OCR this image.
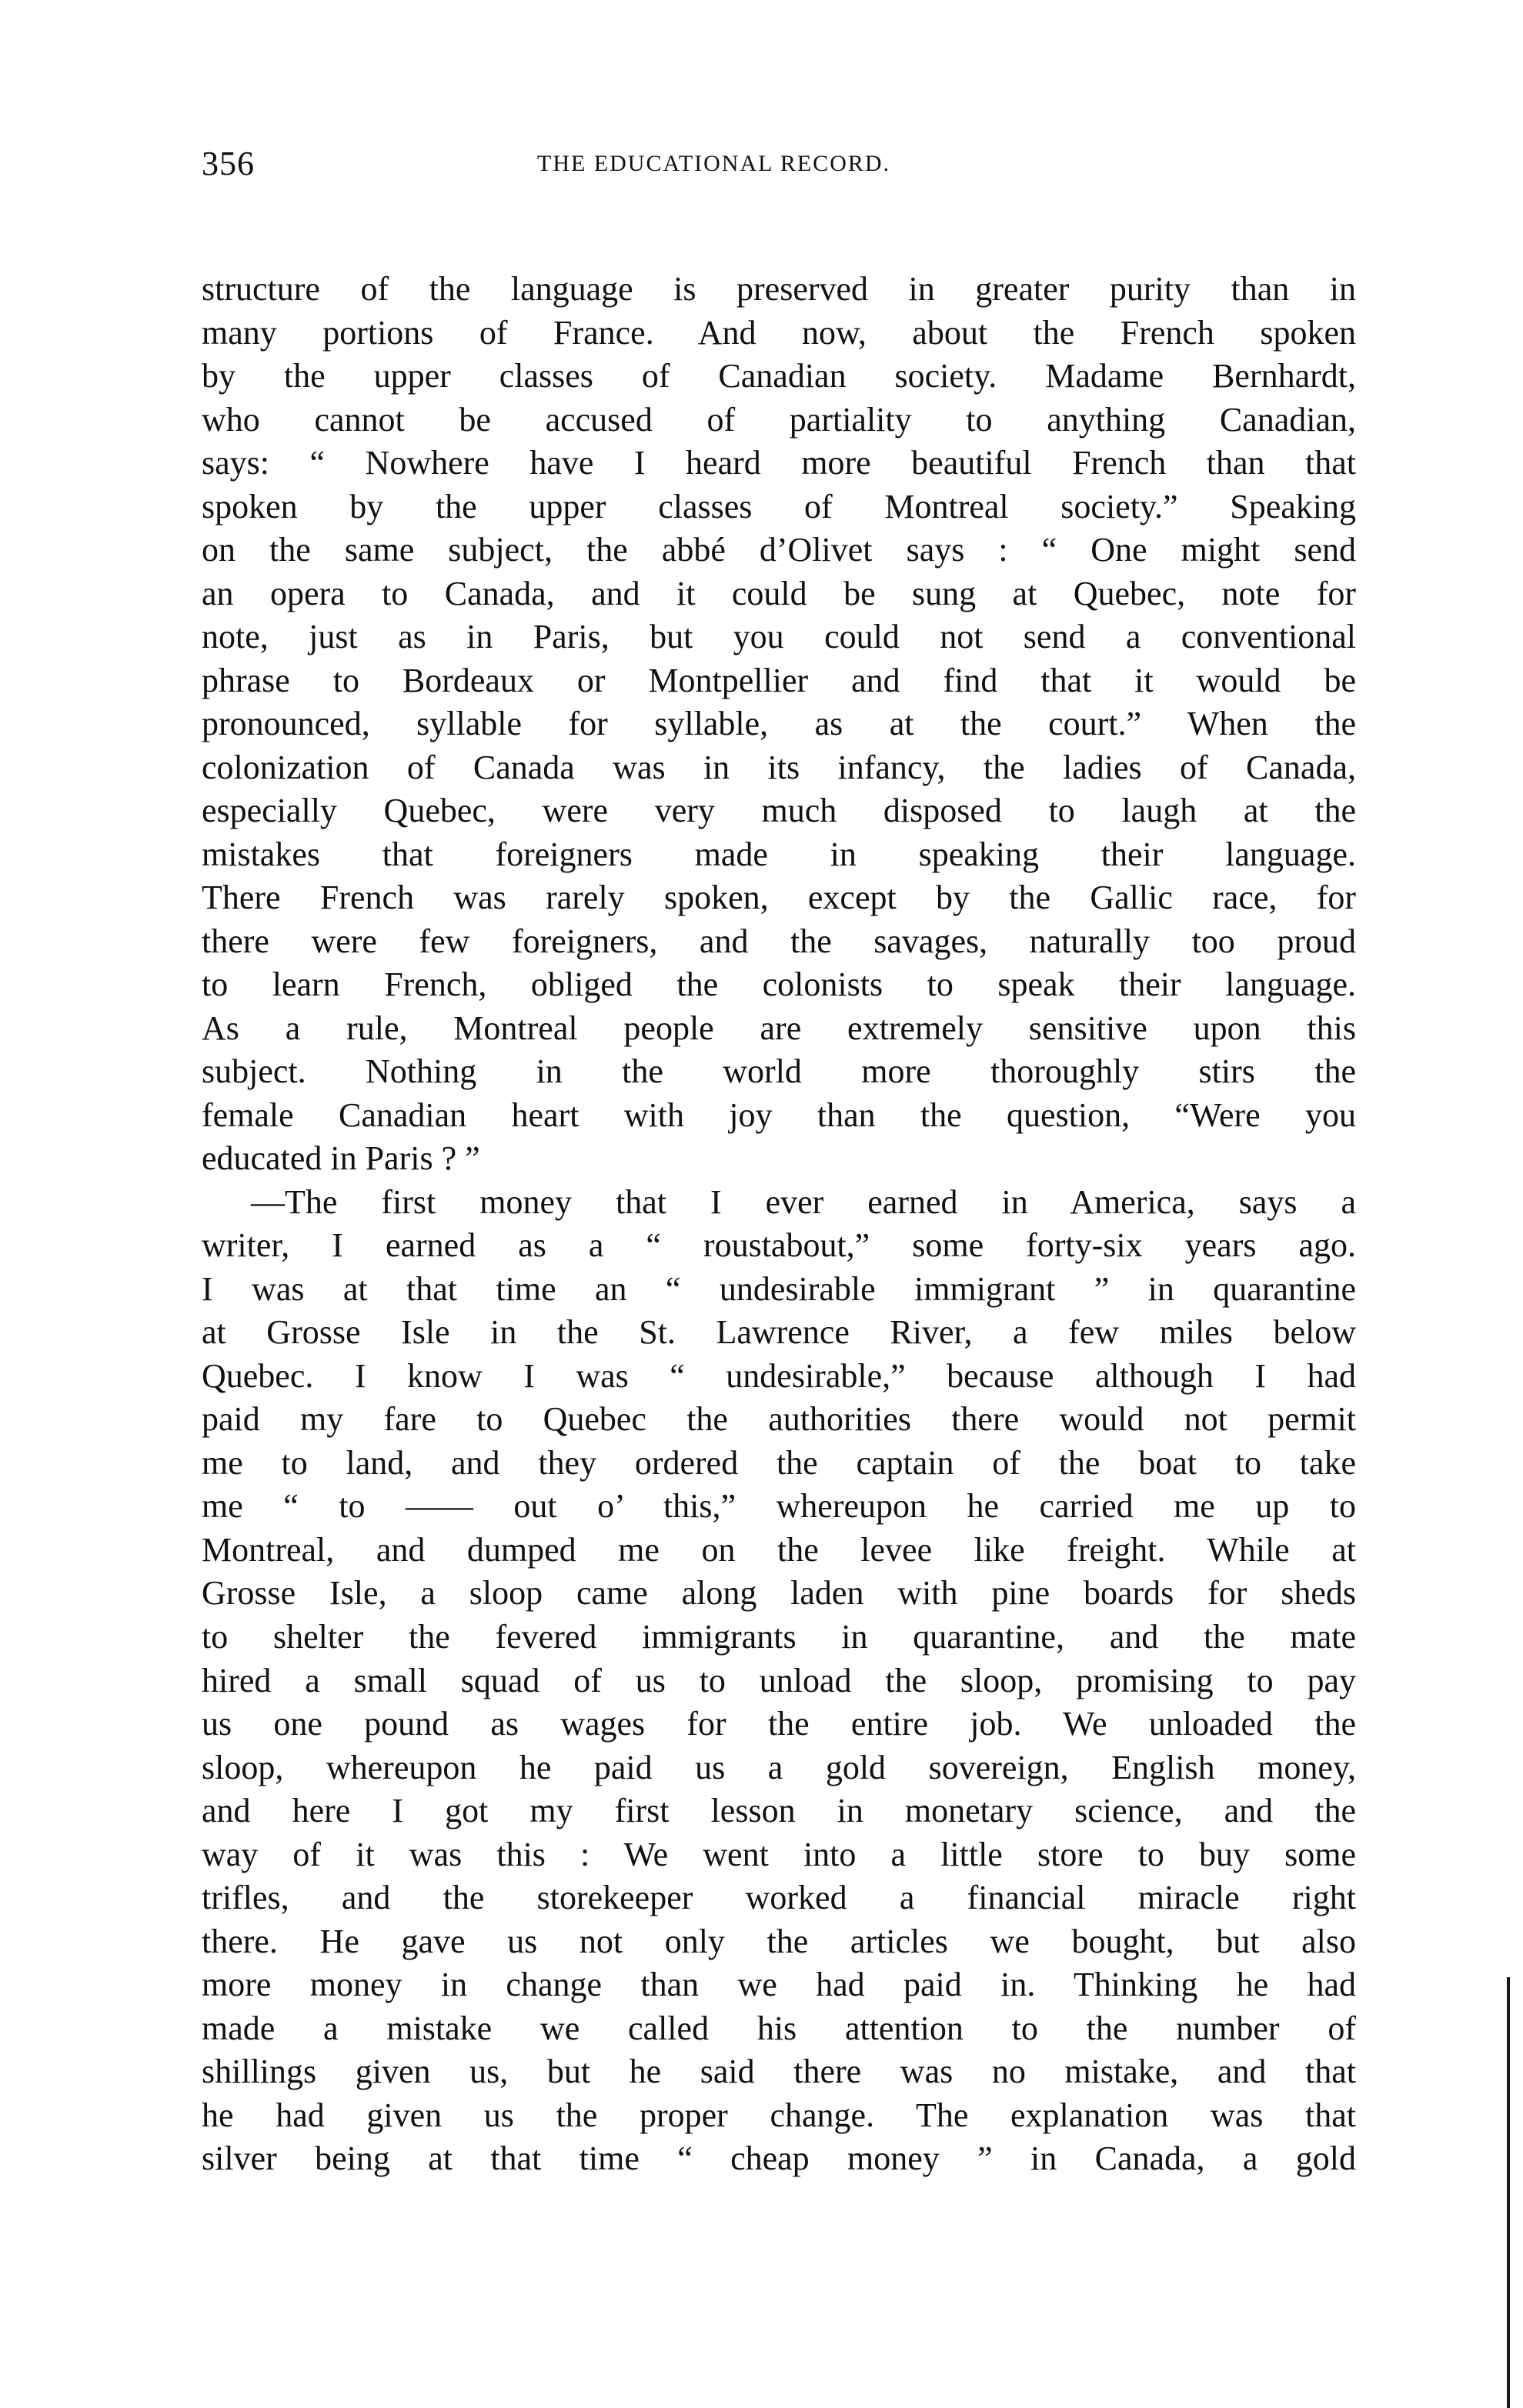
356	THE EDUCATIONAL RECORD.
structure of the language is preserved in greater purity than in
many portions of France. And now, about the French spoken
by the upper classes of Canadian society. Madame Bernhardt,
who cannot be accused of partiality to anything Canadian,
says: “ Nowhere have I heard more beautiful French than that
spoken by the upper classes of Montreal society.” Speaking
on the same subject, the abbé d’Olivet says : “ One might send
an opera to Canada, and it could be sung at Quebec, note for
note, just as in Paris, but you could not send a conventional
phrase to Bordeaux or Montpellier and find that it would be
pronounced, syllable for syllable, as at the court.” When the
colonization of Canada was in its infancy, the ladies of Canada,
especially Quebec, were very much disposed to laugh at the
mistakes that foreigners made in speaking their language.
There French was rarely spoken, except by the Gallic race, for
there were few foreigners, and the savages, naturally too proud
to learn French, obliged the colonists to speak their language.
As a rule, Montreal people are extremely sensitive upon this
subject. Nothing in the world more thoroughly stirs the
female Canadian heart with joy than the question, “Were you
educated in Paris ? ”
—The first money that I ever earned in America, says a
writer, I earned as a “ roustabout,” some forty-six years ago.
I was at that time an “ undesirable immigrant ” in quarantine
at Grosse Isle in the St. Lawrence River, a few miles below
Quebec. I know I was “ undesirable,” because although I had
paid my fare to Quebec the authorities there would not permit
me to land, and they ordered the captain of the boat to take
me “ to —— out o’ this,” whereupon he carried me up to
Montreal, and dumped me on the levee like freight. While at
Grosse Isle, a sloop came along laden with pine boards for sheds
to shelter the fevered immigrants in quarantine, and the mate
hired a small squad of us to unload the sloop, promising to pay
us one pound as wages for the entire job. We unloaded the
sloop, whereupon he paid us a gold sovereign, English money,
and here I got my first lesson in monetary science, and the
way of it was this : We went into a little store to buy some
trifles, and the storekeeper worked a financial miracle right
there. He gave us not only the articles we bought, but also
more money in change than we had paid in. Thinking he had
made a mistake we called his attention to the number of
shillings given us, but he said there was no mistake, and that
he had given us the proper change. The explanation was that
silver being at that time “ cheap money ” in Canada, a gold
